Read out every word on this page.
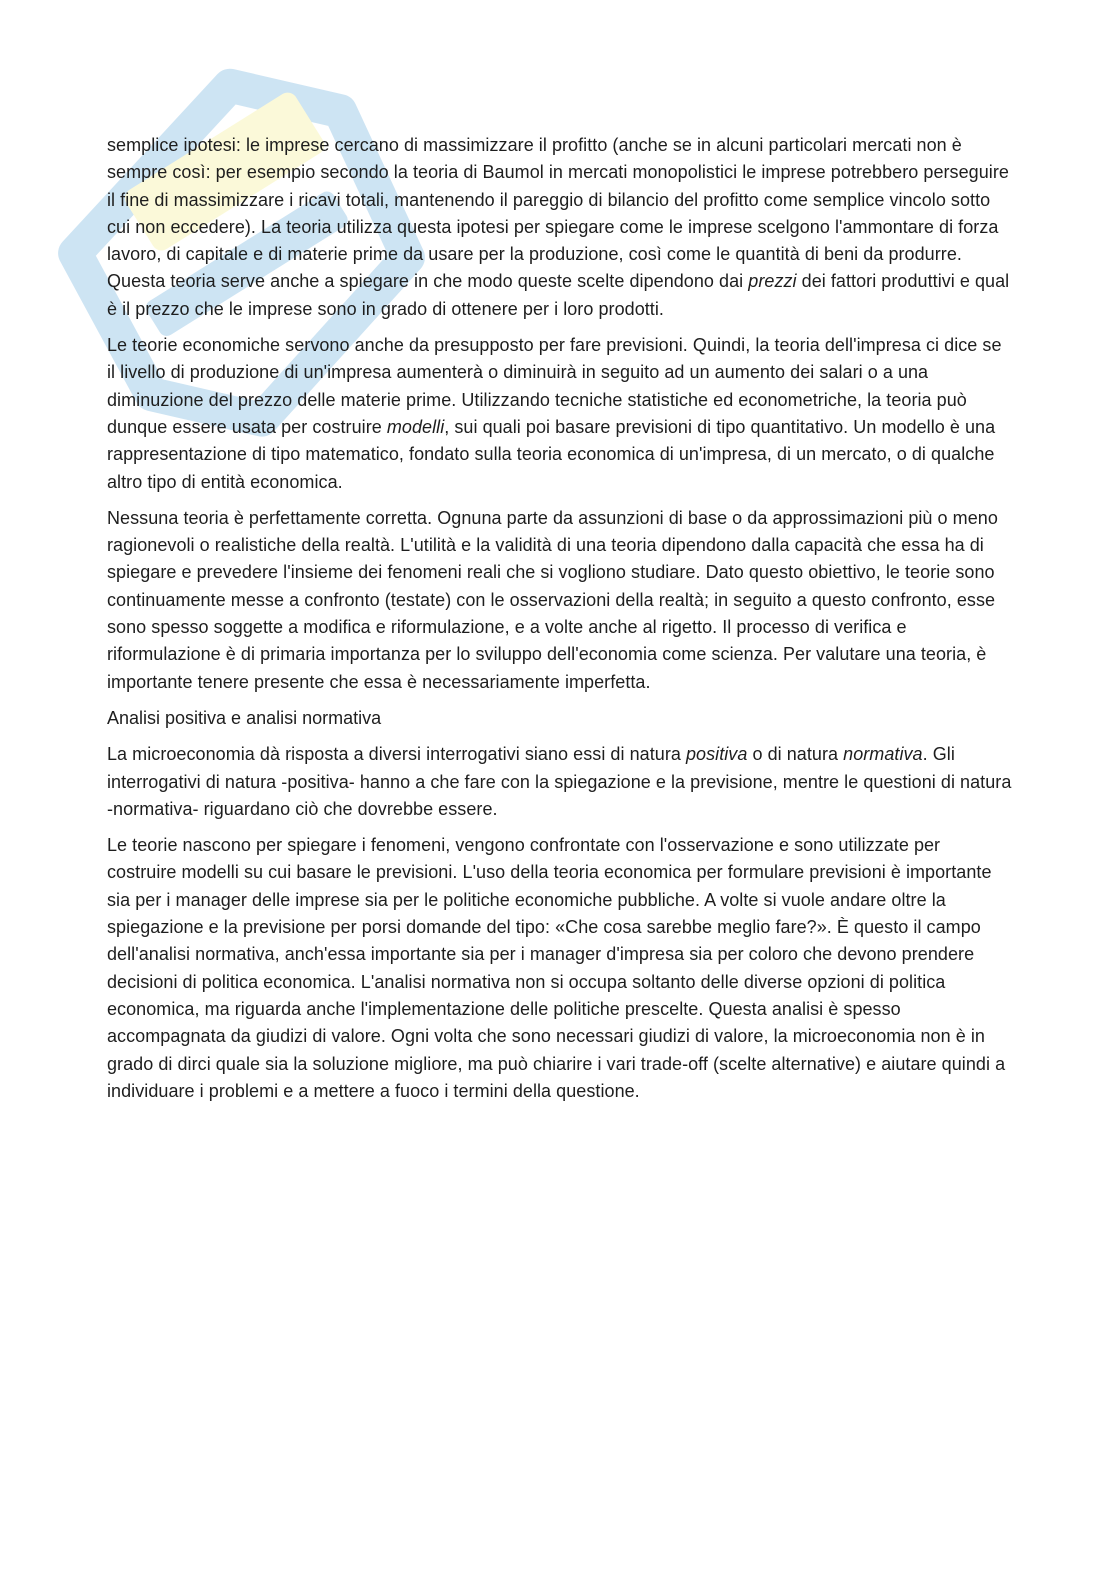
semplice ipotesi: le imprese cercano di massimizzare il profitto (anche se in alcuni particolari mercati non è sempre così: per esempio secondo la teoria di Baumol in mercati monopolistici le imprese potrebbero perseguire il fine di massimizzare i ricavi totali, mantenendo il pareggio di bilancio del profitto come semplice vincolo sotto cui non eccedere). La teoria utilizza questa ipotesi per spiegare come le imprese scelgono l'ammontare di forza lavoro, di capitale e di materie prime da usare per la produzione, così come le quantità di beni da produrre. Questa teoria serve anche a spiegare in che modo queste scelte dipendono dai prezzi dei fattori produttivi e qual è il prezzo che le imprese sono in grado di ottenere per i loro prodotti.

Le teorie economiche servono anche da presupposto per fare previsioni. Quindi, la teoria dell'impresa ci dice se il livello di produzione di un'impresa aumenterà o diminuirà in seguito ad un aumento dei salari o a una diminuzione del prezzo delle materie prime. Utilizzando tecniche statistiche ed econometriche, la teoria può dunque essere usata per costruire modelli, sui quali poi basare previsioni di tipo quantitativo. Un modello è una rappresentazione di tipo matematico, fondato sulla teoria economica di un'impresa, di un mercato, o di qualche altro tipo di entità economica.

Nessuna teoria è perfettamente corretta. Ognuna parte da assunzioni di base o da approssimazioni più o meno ragionevoli o realistiche della realtà. L'utilità e la validità di una teoria dipendono dalla capacità che essa ha di spiegare e prevedere l'insieme dei fenomeni reali che si vogliono studiare. Dato questo obiettivo, le teorie sono continuamente messe a confronto (testate) con le osservazioni della realtà; in seguito a questo confronto, esse sono spesso soggette a modifica e riformulazione, e a volte anche al rigetto. Il processo di verifica e riformulazione è di primaria importanza per lo sviluppo dell'economia come scienza. Per valutare una teoria, è importante tenere presente che essa è necessariamente imperfetta.

Analisi positiva e analisi normativa

La microeconomia dà risposta a diversi interrogativi siano essi di natura positiva o di natura normativa. Gli interrogativi di natura -positiva- hanno a che fare con la spiegazione e la previsione, mentre le questioni di natura -normativa- riguardano ciò che dovrebbe essere.

Le teorie nascono per spiegare i fenomeni, vengono confrontate con l'osservazione e sono utilizzate per costruire modelli su cui basare le previsioni. L'uso della teoria economica per formulare previsioni è importante sia per i manager delle imprese sia per le politiche economiche pubbliche. A volte si vuole andare oltre la spiegazione e la previsione per porsi domande del tipo: «Che cosa sarebbe meglio fare?». È questo il campo dell'analisi normativa, anch'essa importante sia per i manager d'impresa sia per coloro che devono prendere decisioni di politica economica. L'analisi normativa non si occupa soltanto delle diverse opzioni di politica economica, ma riguarda anche l'implementazione delle politiche prescelte. Questa analisi è spesso accompagnata da giudizi di valore. Ogni volta che sono necessari giudizi di valore, la microeconomia non è in grado di dirci quale sia la soluzione migliore, ma può chiarire i vari trade-off (scelte alternative) e aiutare quindi a individuare i problemi e a mettere a fuoco i termini della questione.
